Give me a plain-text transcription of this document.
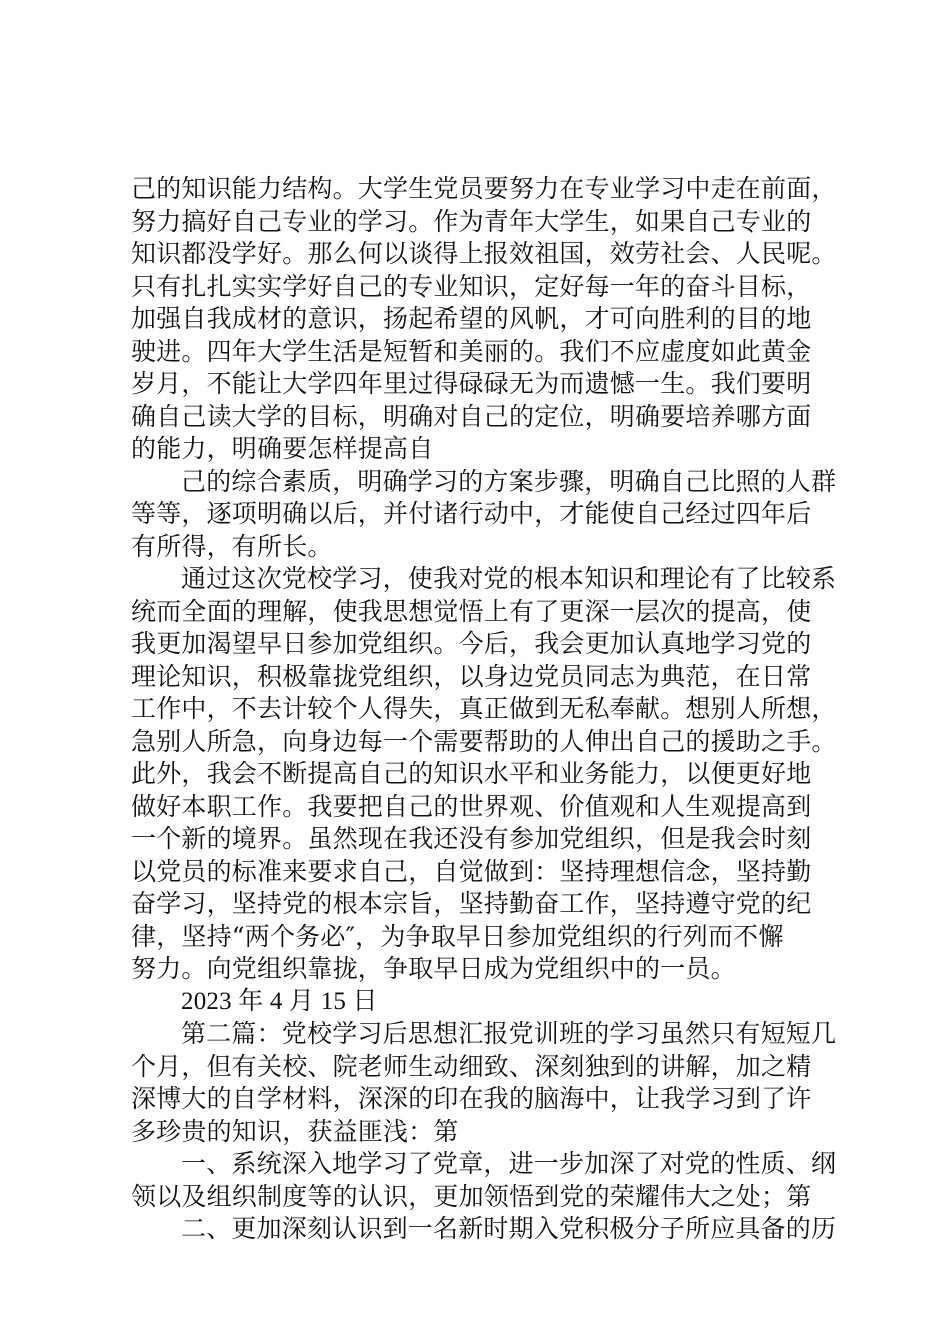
己的知识能力结构。大学生党员要努力在专业学习中走在前面，
努力搞好自己专业的学习。作为青年大学生，如果自己专业的
知识都没学好。那么何以谈得上报效祖国，效劳社会、人民呢。
只有扎扎实实学好自己的专业知识，定好每一年的奋斗目标，
加强自我成材的意识，扬起希望的风帆，才可向胜利的目的地
驶进。四年大学生活是短暂和美丽的。我们不应虚度如此黄金
岁月，不能让大学四年里过得碌碌无为而遗憾一生。我们要明
确自己读大学的目标，明确对自己的定位，明确要培养哪方面
的能力，明确要怎样提高自
己的综合素质，明确学习的方案步骤，明确自己比照的人群
等等，逐项明确以后，并付诸行动中，才能使自己经过四年后
有所得，有所长。
通过这次党校学习，使我对党的根本知识和理论有了比较系
统而全面的理解，使我思想觉悟上有了更深一层次的提高，使
我更加渴望早日参加党组织。今后，我会更加认真地学习党的
理论知识，积极靠拢党组织，以身边党员同志为典范，在日常
工作中，不去计较个人得失，真正做到无私奉献。想别人所想，
急别人所急，向身边每一个需要帮助的人伸出自己的援助之手。
此外，我会不断提高自己的知识水平和业务能力，以便更好地
做好本职工作。我要把自己的世界观、价值观和人生观提高到
一个新的境界。虽然现在我还没有参加党组织，但是我会时刻
以党员的标准来要求自己，自觉做到：坚持理想信念，坚持勤
奋学习，坚持党的根本宗旨，坚持勤奋工作，坚持遵守党的纪
律，坚持“两个务必″，为争取早日参加党组织的行列而不懈
努力。向党组织靠拢，争取早日成为党组织中的一员。
2023 年 4 月 15 日
第二篇：党校学习后思想汇报党训班的学习虽然只有短短几
个月，但有关校、院老师生动细致、深刻独到的讲解，加之精
深博大的自学材料，深深的印在我的脑海中，让我学习到了许
多珍贵的知识，获益匪浅：第
一、系统深入地学习了党章，进一步加深了对党的性质、纲
领以及组织制度等的认识，更加领悟到党的荣耀伟大之处；第
二、更加深刻认识到一名新时期入党积极分子所应具备的历
